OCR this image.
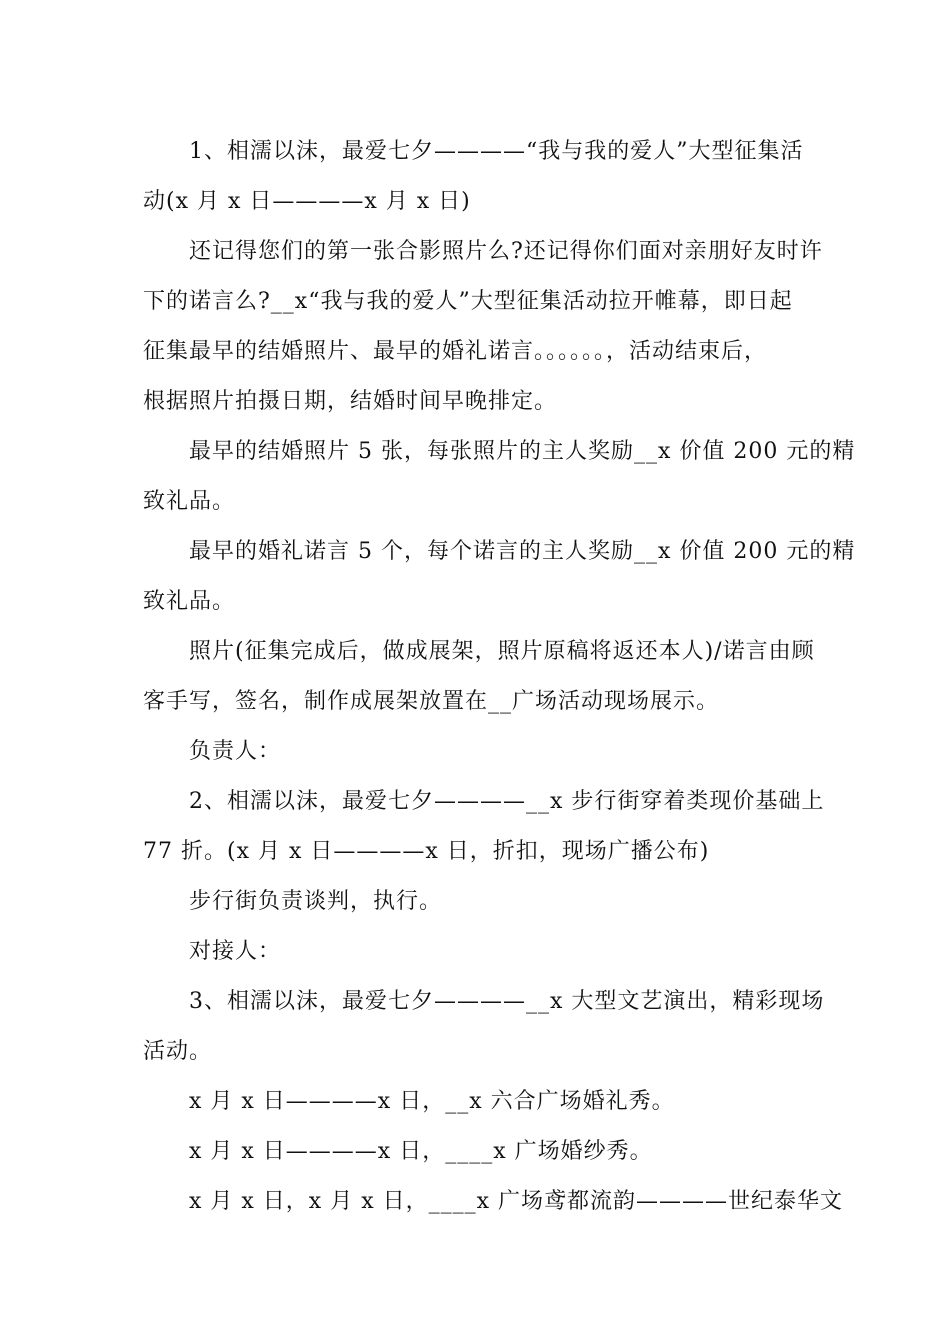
1、相濡以沫，最爱七夕————“我与我的爱人”大型征集活
动(x 月 x 日————x 月 x 日)
还记得您们的第一张合影照片么?还记得你们面对亲朋好友时许
下的诺言么?__x“我与我的爱人”大型征集活动拉开帷幕，即日起
征集最早的结婚照片、最早的婚礼诺言。。。。。。，活动结束后，
根据照片拍摄日期，结婚时间早晚排定。
最早的结婚照片 5 张，每张照片的主人奖励__x 价值 200 元的精
致礼品。
最早的婚礼诺言 5 个，每个诺言的主人奖励__x 价值 200 元的精
致礼品。
照片(征集完成后，做成展架，照片原稿将返还本人)/诺言由顾
客手写，签名，制作成展架放置在__广场活动现场展示。
负责人：
2、相濡以沫，最爱七夕————__x 步行街穿着类现价基础上
77 折。(x 月 x 日————x 日，折扣，现场广播公布)
步行街负责谈判，执行。
对接人：
3、相濡以沫，最爱七夕————__x 大型文艺演出，精彩现场
活动。
x 月 x 日————x 日，__x 六合广场婚礼秀。
x 月 x 日————x 日，____x 广场婚纱秀。
x 月 x 日，x 月 x 日，____x 广场鸢都流韵————世纪泰华文
